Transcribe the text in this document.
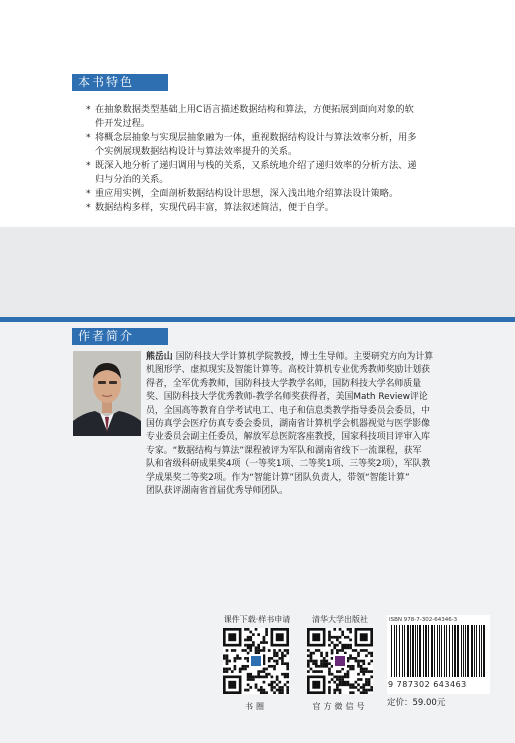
本书特色
* 在抽象数据类型基础上用C语言描述数据结构和算法，方便拓展到面向对象的软
件开发过程。
* 将概念层抽象与实现层抽象融为一体，重视数据结构设计与算法效率分析，用多
个实例展现数据结构设计与算法效率提升的关系。
* 既深入地分析了递归调用与栈的关系，又系统地介绍了递归效率的分析方法、递
归与分治的关系。
* 重应用实例，全面剖析数据结构设计思想，深入浅出地介绍算法设计策略。
* 数据结构多样，实现代码丰富，算法叙述简洁，便于自学。
作者简介
熊岳山 国防科技大学计算机学院教授，博士生导师。主要研究方向为计算
机图形学、虚拟现实及智能计算等。高校计算机专业优秀教师奖励计划获
得者，全军优秀教师，国防科技大学教学名师，国防科技大学名师质量
奖、国防科技大学优秀教师-教学名师奖获得者，美国Math Review评论
员，全国高等教育自学考试电工、电子和信息类教学指导委员会委员，中
国仿真学会医疗仿真专委会委员，湖南省计算机学会机器视觉与医学影像
专业委员会副主任委员，解放军总医院客座教授，国家科技项目评审入库
专家。“数据结构与算法”课程被评为军队和湖南省线下一流课程，获军
队和省级科研成果奖4项（一等奖1项、二等奖1项、三等奖2项），军队教
学成果奖二等奖2项。作为“智能计算”团队负责人，带领“智能计算”
团队获评湖南省首届优秀导师团队。
课件下载·样书申请
书圈
清华大学出版社
官方微信号
ISBN 978-7-302-64346-3
9 787302 643463
定价：59.00元
